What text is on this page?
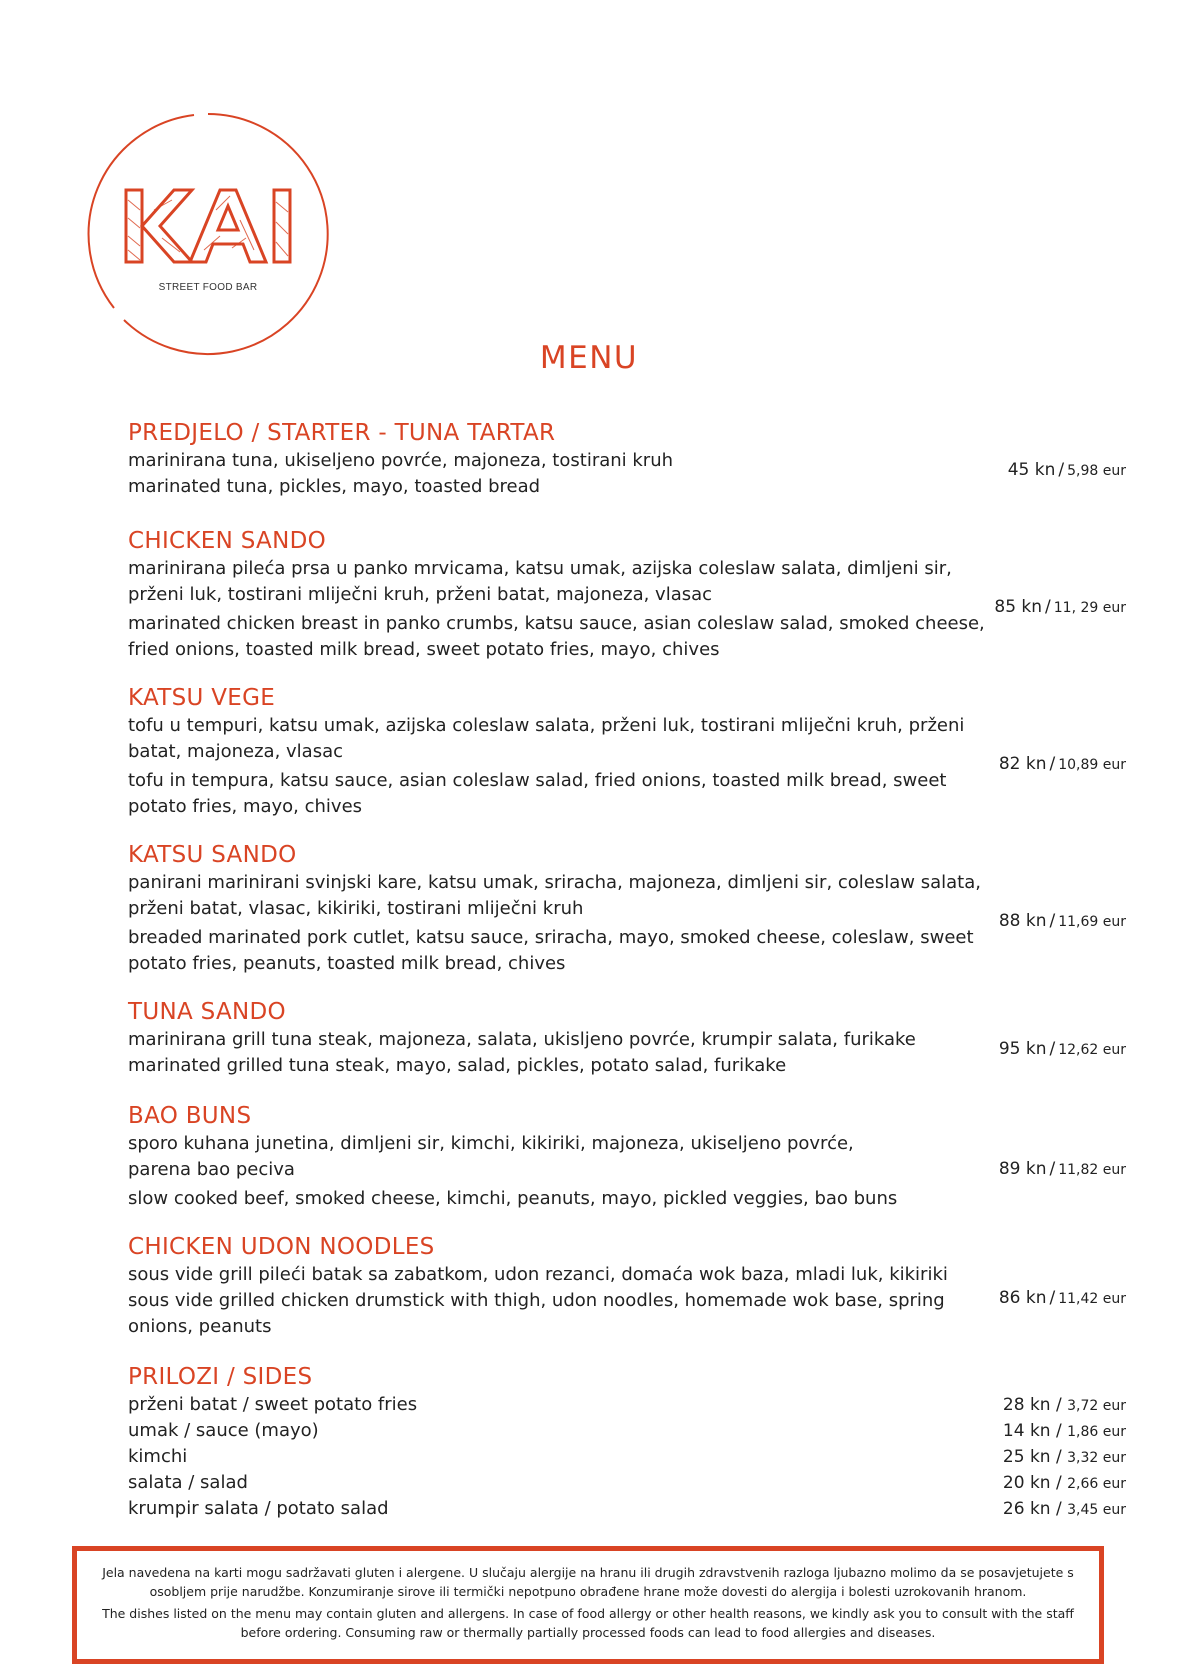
STREET FOOD BAR
MENU
PREDJELO / STARTER - TUNA TARTAR
marinirana tuna, ukiseljeno povrće, majoneza, tostirani kruh
marinated tuna, pickles, mayo, toasted bread
45 kn / 5,98 eur
CHICKEN SANDO
marinirana pileća prsa u panko mrvicama, katsu umak, azijska coleslaw salata, dimljeni sir,
prženi luk, tostirani mliječni kruh, prženi batat, majoneza, vlasac
marinated chicken breast in panko crumbs, katsu sauce, asian coleslaw salad, smoked cheese,
fried onions, toasted milk bread, sweet potato fries, mayo, chives
85 kn / 11, 29 eur
KATSU VEGE
tofu u tempuri, katsu umak, azijska coleslaw salata, prženi luk, tostirani mliječni kruh, prženi
batat, majoneza, vlasac
tofu in tempura, katsu sauce, asian coleslaw salad, fried onions, toasted milk bread, sweet
potato fries, mayo, chives
82 kn / 10,89 eur
KATSU SANDO
panirani marinirani svinjski kare, katsu umak, sriracha, majoneza, dimljeni sir, coleslaw salata,
prženi batat, vlasac, kikiriki, tostirani mliječni kruh
breaded marinated pork cutlet, katsu sauce, sriracha, mayo, smoked cheese, coleslaw, sweet
potato fries, peanuts, toasted milk bread, chives
88 kn / 11,69 eur
TUNA SANDO
marinirana grill tuna steak, majoneza, salata, ukisljeno povrće, krumpir salata, furikake
marinated grilled tuna steak, mayo, salad, pickles, potato salad, furikake
95 kn / 12,62 eur
BAO BUNS
sporo kuhana junetina, dimljeni sir, kimchi, kikiriki, majoneza, ukiseljeno povrće,
parena bao peciva
slow cooked beef, smoked cheese, kimchi, peanuts, mayo, pickled veggies, bao buns
89 kn / 11,82 eur
CHICKEN UDON NOODLES
sous vide grill pileći batak sa zabatkom, udon rezanci, domaća wok baza, mladi luk, kikiriki
sous vide grilled chicken drumstick with thigh, udon noodles, homemade wok base, spring
onions, peanuts
86 kn / 11,42 eur
PRILOZI / SIDES
prženi batat / sweet potato fries
umak / sauce (mayo)
kimchi
salata / salad
krumpir salata / potato salad
28 kn / 3,72 eur
14 kn / 1,86 eur
25 kn / 3,32 eur
20 kn / 2,66 eur
26 kn / 3,45 eur
Jela navedena na karti mogu sadržavati gluten i alergene. U slučaju alergije na hranu ili drugih zdravstvenih razloga ljubazno molimo da se posavjetujete s
osobljem prije narudžbe. Konzumiranje sirove ili termički nepotpuno obrađene hrane može dovesti do alergija i bolesti uzrokovanih hranom.
The dishes listed on the menu may contain gluten and allergens. In case of food allergy or other health reasons, we kindly ask you to consult with the staff
before ordering. Consuming raw or thermally partially processed foods can lead to food allergies and diseases.
